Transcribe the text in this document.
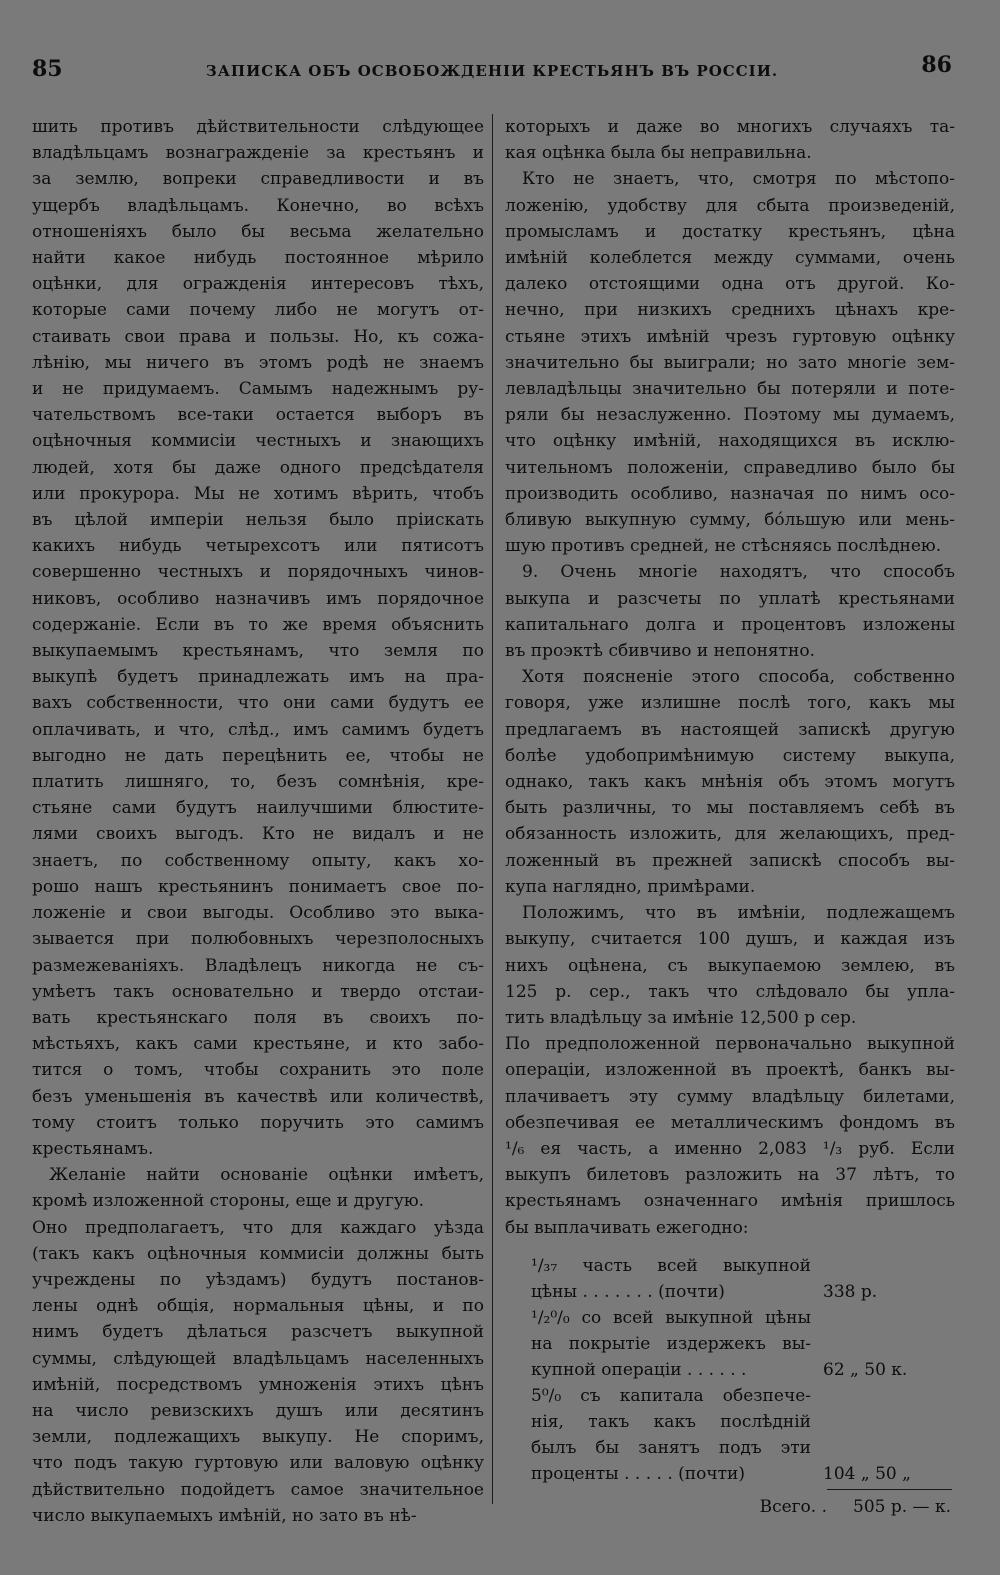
85	ЗАПИСКА ОБЪ ОСВОБОЖДЕНІИ КРЕСТЬЯНЪ ВЪ РОССІИ.	86
шить противъ дѣйствительности слѣдующее
владѣльцамъ вознагражденіе за крестьянъ и
за землю, вопреки справедливости и въ
ущербъ владѣльцамъ. Конечно, во всѣхъ
отношеніяхъ было бы весьма желательно
найти какое нибудь постоянное мѣрило
оцѣнки, для огражденія интересовъ тѣхъ,
которые сами почему либо не могутъ от-
стаивать свои права и пользы. Но, къ сожа-
лѣнію, мы ничего въ этомъ родѣ не знаемъ
и не придумаемъ. Самымъ надежнымъ ру-
чательствомъ все-таки остается выборъ въ
оцѣночныя коммисіи честныхъ и знающихъ
людей, хотя бы даже одного предсѣдателя
или прокурора. Мы не хотимъ вѣрить, чтобъ
въ цѣлой имперіи нельзя было пріискать
какихъ нибудь четырехсотъ или пятисотъ
совершенно честныхъ и порядочныхъ чинов-
никовъ, особливо назначивъ имъ порядочное
содержаніе. Если въ то же время объяснить
выкупаемымъ крестьянамъ, что земля по
выкупѣ будетъ принадлежать имъ на пра-
вахъ собственности, что они сами будутъ ее
оплачивать, и что, слѣд., имъ самимъ будетъ
выгодно не дать перецѣнить ее, чтобы не
платить лишняго, то, безъ сомнѣнія, кре-
стьяне сами будутъ наилучшими блюстите-
лями своихъ выгодъ. Кто не видалъ и не
знаетъ, по собственному опыту, какъ хо-
рошо нашъ крестьянинъ понимаетъ свое по-
ложеніе и свои выгоды. Особливо это выка-
зывается при полюбовныхъ черезполосныхъ
размежеваніяхъ. Владѣлецъ никогда не съ-
умѣетъ такъ основательно и твердо отстаи-
вать крестьянскаго поля въ своихъ по-
мѣстьяхъ, какъ сами крестьяне, и кто забо-
тится о томъ, чтобы сохранить это поле
безъ уменьшенія въ качествѣ или количествѣ,
тому стоитъ только поручить это самимъ
крестьянамъ.
 Желаніе найти основаніе оцѣнки имѣетъ,
кромѣ изложенной стороны, еще и другую.
Оно предполагаетъ, что для каждаго уѣзда
(такъ какъ оцѣночныя коммисіи должны быть
учреждены по уѣздамъ) будутъ постанов-
лены однѣ общія, нормальныя цѣны, и по
нимъ будетъ дѣлаться разсчетъ выкупной
суммы, слѣдующей владѣльцамъ населенныхъ
имѣній, посредствомъ умноженія этихъ цѣнъ
на число ревизскихъ душъ или десятинъ
земли, подлежащихъ выкупу. Не споримъ,
что подъ такую гуртовую или валовую оцѣнку
дѣйствительно подойдетъ самое значительное
число выкупаемыхъ имѣній, но зато въ нѣ-
которыхъ и даже во многихъ случаяхъ та-
кая оцѣнка была бы неправильна.
 Кто не знаетъ, что, смотря по мѣстопо-
ложенію, удобству для сбыта произведеній,
промысламъ и достатку крестьянъ, цѣна
имѣній колеблется между суммами, очень
далеко отстоящими одна отъ другой. Ко-
нечно, при низкихъ среднихъ цѣнахъ кре-
стьяне этихъ имѣній чрезъ гуртовую оцѣнку
значительно бы выиграли; но зато многіе зем-
левладѣльцы значительно бы потеряли и поте-
ряли бы незаслуженно. Поэтому мы думаемъ,
что оцѣнку имѣній, находящихся въ исклю-
чительномъ положеніи, справедливо было бы
производить особливо, назначая по нимъ осо-
бливую выкупную сумму, бо́льшую или мень-
шую противъ средней, не стѣсняясь послѣднею.
 9. Очень многіе находятъ, что способъ
выкупа и разсчеты по уплатѣ крестьянами
капитальнаго долга и процентовъ изложены
въ проэктѣ сбивчиво и непонятно.
 Хотя поясненіе этого способа, собственно
говоря, уже излишне послѣ того, какъ мы
предлагаемъ въ настоящей запискѣ другую
болѣе удобопримѣнимую систему выкупа,
однако, такъ какъ мнѣнія объ этомъ могутъ
быть различны, то мы поставляемъ себѣ въ
обязанность изложить, для желающихъ, пред-
ложенный въ прежней запискѣ способъ вы-
купа наглядно, примѣрами.
 Положимъ, что въ имѣніи, подлежащемъ
выкупу, считается 100 душъ, и каждая изъ
нихъ оцѣнена, съ выкупаемою землею, въ
125 р. сер., такъ что слѣдовало бы упла-
тить владѣльцу за имѣніе 12,500 р сер.
По предположенной первоначально выкупной
операціи, изложенной въ проектѣ, банкъ вы-
плачиваетъ эту сумму владѣльцу билетами,
обезпечивая ее металлическимъ фондомъ въ
¹/₆ ея часть, а именно 2,083 ¹/₃ руб. Если
выкупъ билетовъ разложить на 37 лѣтъ, то
крестьянамъ означеннаго имѣнія пришлось
бы выплачивать ежегодно:
¹/₃₇ часть всей выкупной
цѣны . . . . . . . (почти)	338 р.
¹/₂⁰/₀ со всей выкупной цѣны
на покрытіе издержекъ вы-
купной операціи . . . . . .	62 „ 50 к.
5⁰/₀ съ капитала обезпече-
нія, такъ какъ послѣдній
былъ бы занятъ подъ эти
проценты . . . . . (почти)	104 „ 50 „
Всего. . 505 р. — к.
